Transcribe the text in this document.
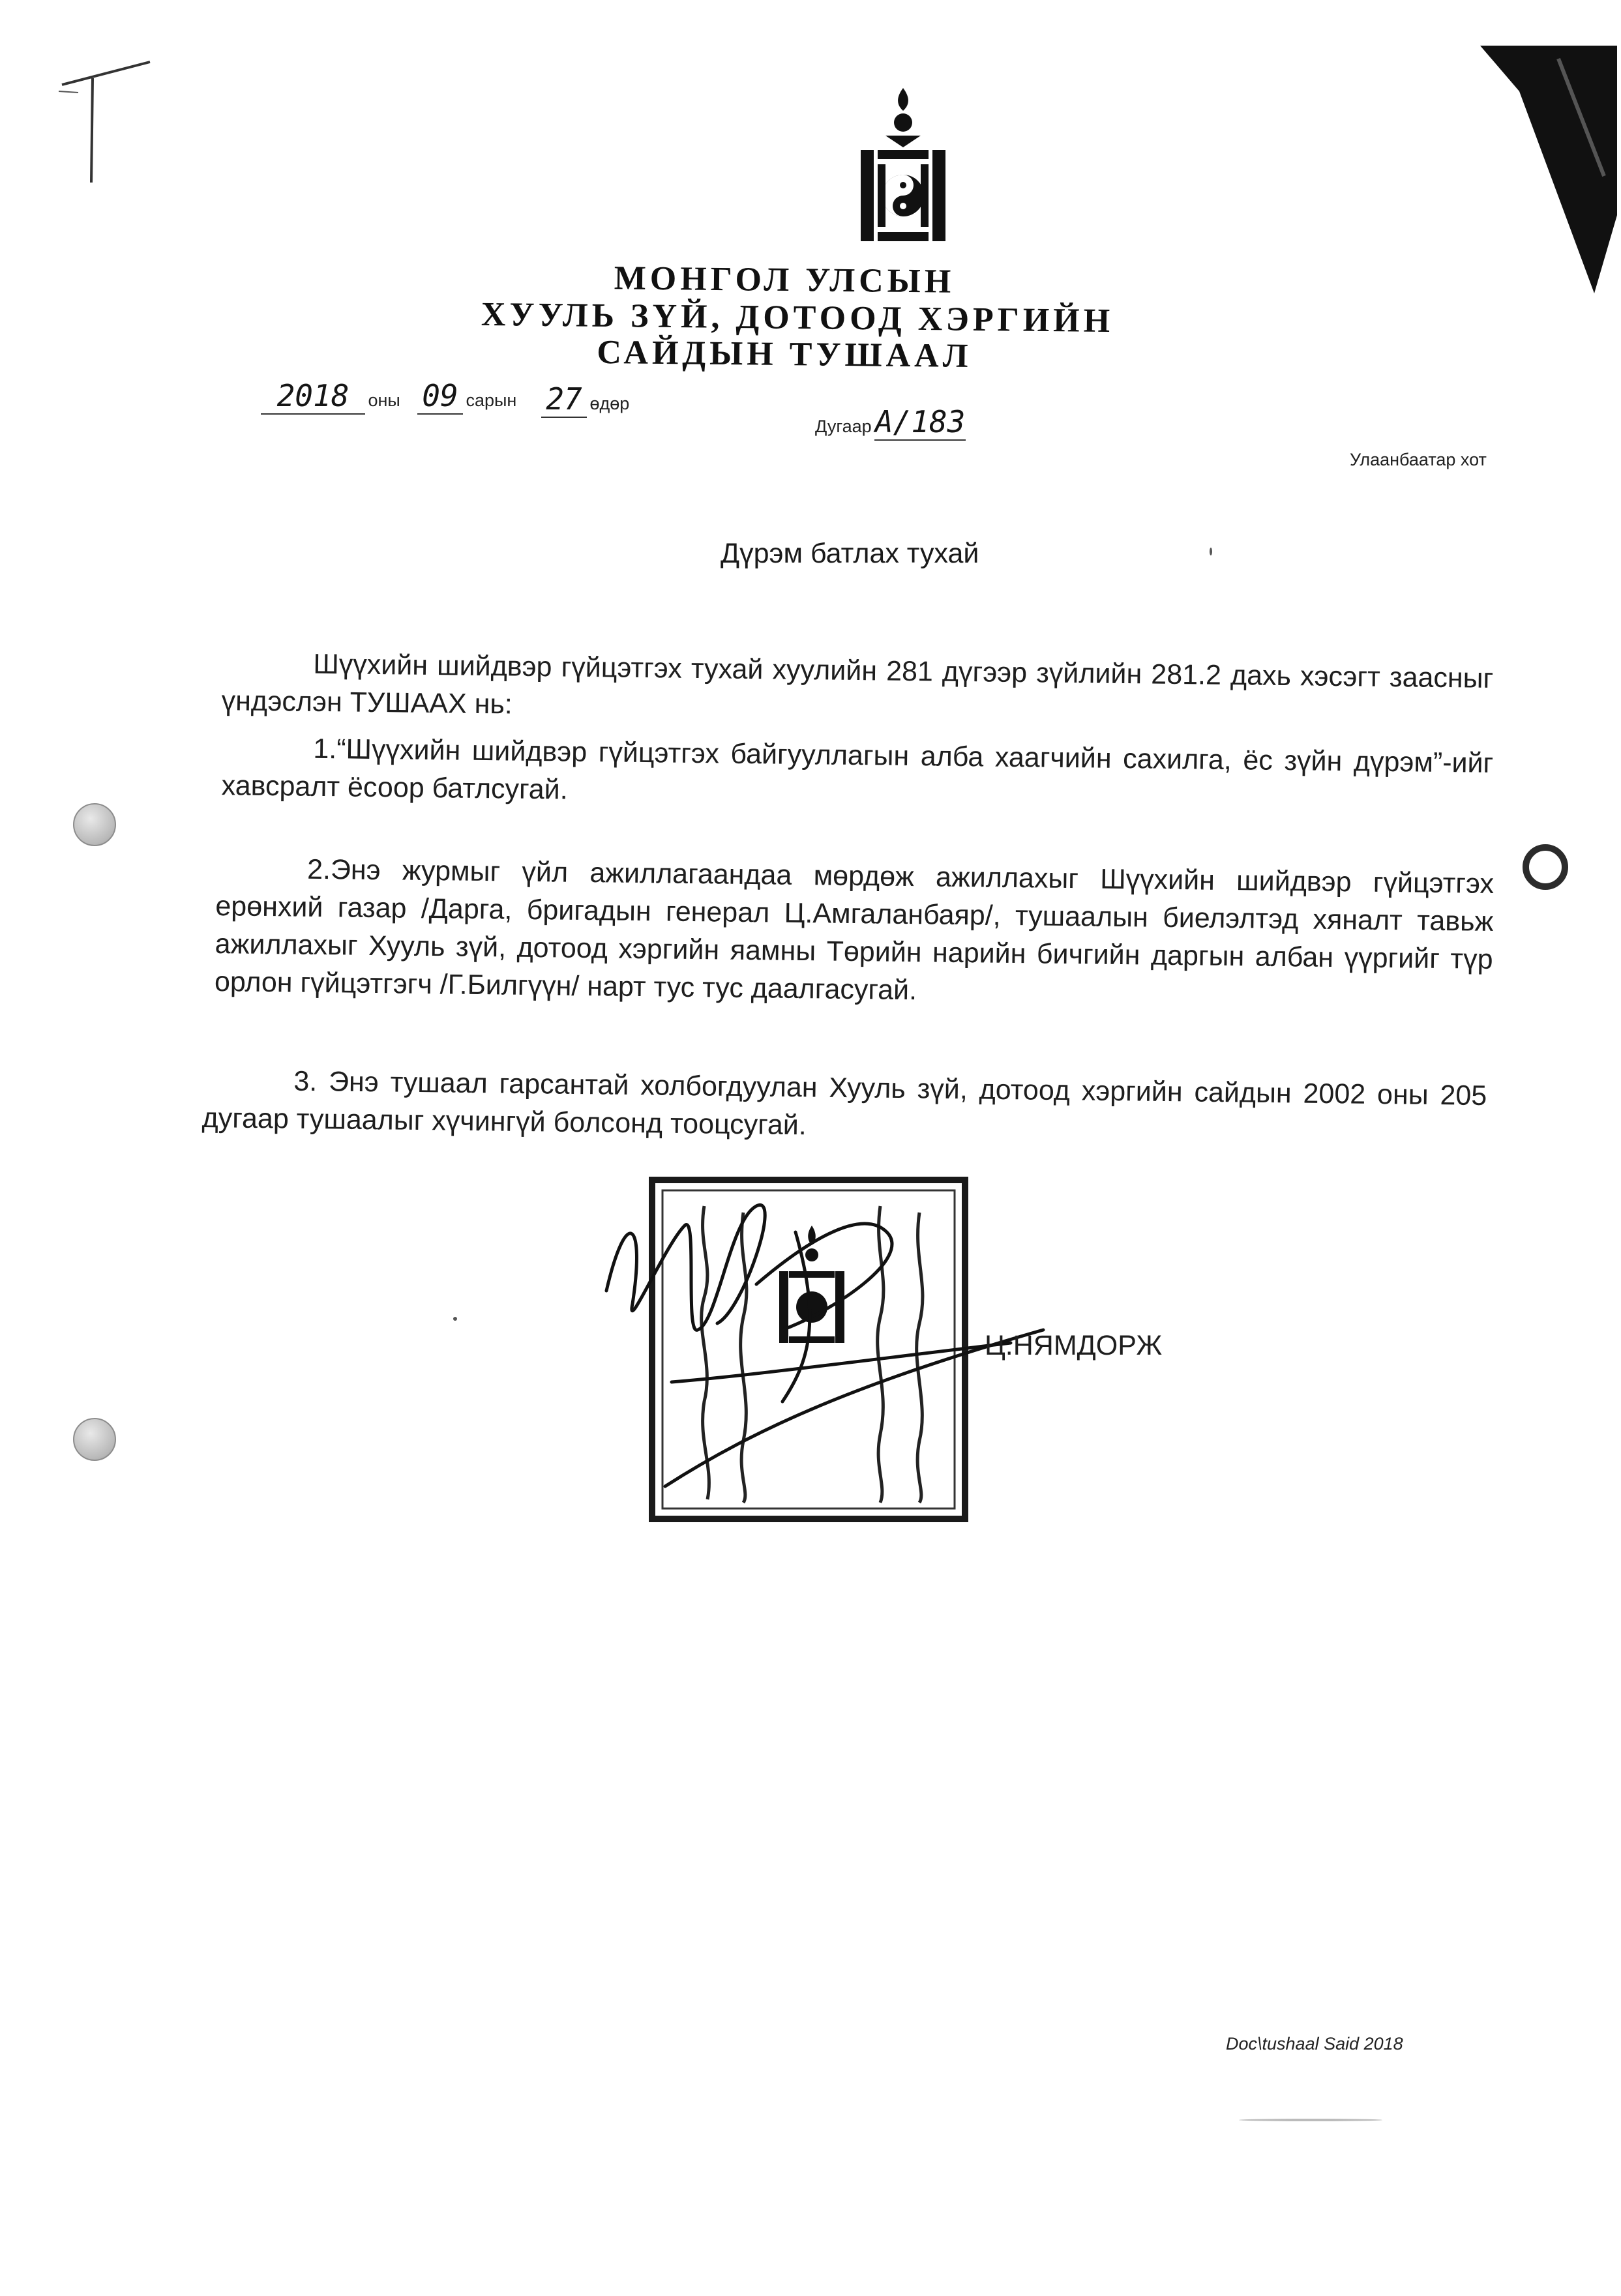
МОНГОЛ УЛСЫН
ХУУЛЬ ЗҮЙ, ДОТООД ХЭРГИЙН
САЙДЫН ТУШААЛ
2018 оны 09 сарын 27 өдөр
Дугаар А/183
Улаанбаатар хот
Дүрэм батлах тухай
Шүүхийн шийдвэр гүйцэтгэх тухай хуулийн 281 дүгээр зүйлийн 281.2 дахь хэсэгт заасныг үндэслэн ТУШААХ нь:
1.“Шүүхийн шийдвэр гүйцэтгэх байгууллагын алба хаагчийн сахилга, ёс зүйн дүрэм”-ийг хавсралт ёсоор батлсугай.
2.Энэ журмыг үйл ажиллагаандаа мөрдөж ажиллахыг Шүүхийн шийдвэр гүйцэтгэх ерөнхий газар /Дарга, бригадын генерал Ц.Амгаланбаяр/, тушаалын биелэлтэд хяналт тавьж ажиллахыг Хууль зүй, дотоод хэргийн яамны Төрийн нарийн бичгийн даргын албан үүргийг түр орлон гүйцэтгэгч /Г.Билгүүн/ нарт тус тус даалгасугай.
3. Энэ тушаал гарсантай холбогдуулан Хууль зүй, дотоод хэргийн сайдын 2002 оны 205 дугаар тушаалыг хүчингүй болсонд тооцсугай.
Ц.НЯМДОРЖ
Doc\tushaal Said 2018
